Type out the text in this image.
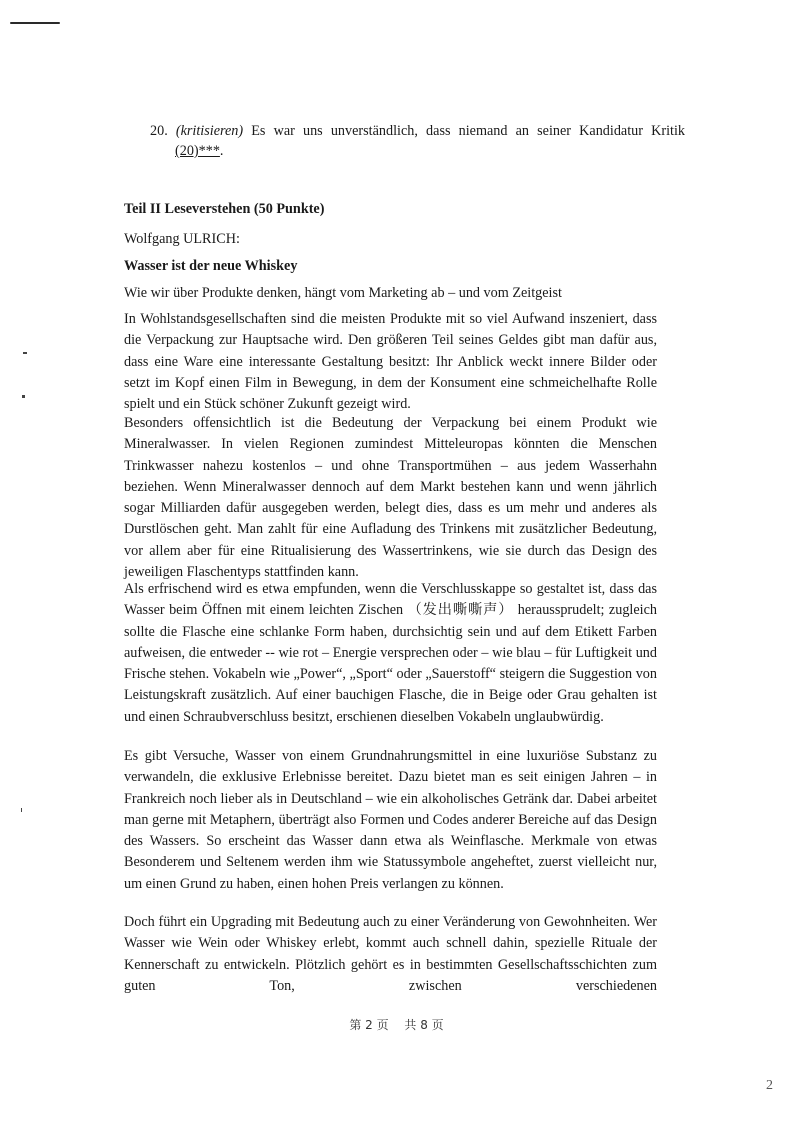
20. (kritisieren) Es war uns unverständlich, dass niemand an seiner Kandidatur Kritik (20)***.
Teil II Leseverstehen (50 Punkte)
Wolfgang ULRICH:
Wasser ist der neue Whiskey
Wie wir über Produkte denken, hängt vom Marketing ab – und vom Zeitgeist

In Wohlstandsgesellschaften sind die meisten Produkte mit so viel Aufwand inszeniert, dass die Verpackung zur Hauptsache wird. Den größeren Teil seines Geldes gibt man dafür aus, dass eine Ware eine interessante Gestaltung besitzt: Ihr Anblick weckt innere Bilder oder setzt im Kopf einen Film in Bewegung, in dem der Konsument eine schmeichelhafte Rolle spielt und ein Stück schöner Zukunft gezeigt wird.

Besonders offensichtlich ist die Bedeutung der Verpackung bei einem Produkt wie Mineralwasser. In vielen Regionen zumindest Mitteleuropas könnten die Menschen Trinkwasser nahezu kostenlos – und ohne Transportmühen – aus jedem Wasserhahn beziehen. Wenn Mineralwasser dennoch auf dem Markt bestehen kann und wenn jährlich sogar Milliarden dafür ausgegeben werden, belegt dies, dass es um mehr und anderes als Durstlöschen geht. Man zahlt für eine Aufladung des Trinkens mit zusätzlicher Bedeutung, vor allem aber für eine Ritualisierung des Wassertrinkens, wie sie durch das Design des jeweiligen Flaschentyps stattfinden kann.

Als erfrischend wird es etwa empfunden, wenn die Verschlusskappe so gestaltet ist, dass das Wasser beim Öffnen mit einem leichten Zischen （发出嘶嘶声） heraussprudelt; zugleich sollte die Flasche eine schlanke Form haben, durchsichtig sein und auf dem Etikett Farben aufweisen, die entweder -- wie rot – Energie versprechen oder – wie blau – für Luftigkeit und Frische stehen. Vokabeln wie „Power“, „Sport“ oder „Sauerstoff“ steigern die Suggestion von Leistungskraft zusätzlich. Auf einer bauchigen Flasche, die in Beige oder Grau gehalten ist und einen Schraubverschluss besitzt, erschienen dieselben Vokabeln unglaubwürdig.

Es gibt Versuche, Wasser von einem Grundnahrungsmittel in eine luxuriöse Substanz zu verwandeln, die exklusive Erlebnisse bereitet. Dazu bietet man es seit einigen Jahren – in Frankreich noch lieber als in Deutschland – wie ein alkoholisches Getränk dar. Dabei arbeitet man gerne mit Metaphern, überträgt also Formen und Codes anderer Bereiche auf das Design des Wassers. So erscheint das Wasser dann etwa als Weinflasche. Merkmale von etwas Besonderem und Seltenem werden ihm wie Statussymbole angeheftet, zuerst vielleicht nur, um einen Grund zu haben, einen hohen Preis verlangen zu können.

Doch führt ein Upgrading mit Bedeutung auch zu einer Veränderung von Gewohnheiten. Wer Wasser wie Wein oder Whiskey erlebt, kommt auch schnell dahin, spezielle Rituale der Kennerschaft zu entwickeln. Plötzlich gehört es in bestimmten Gesellschaftsschichten zum guten Ton, zwischen verschiedenen

第 2 页 共 8 页
2
